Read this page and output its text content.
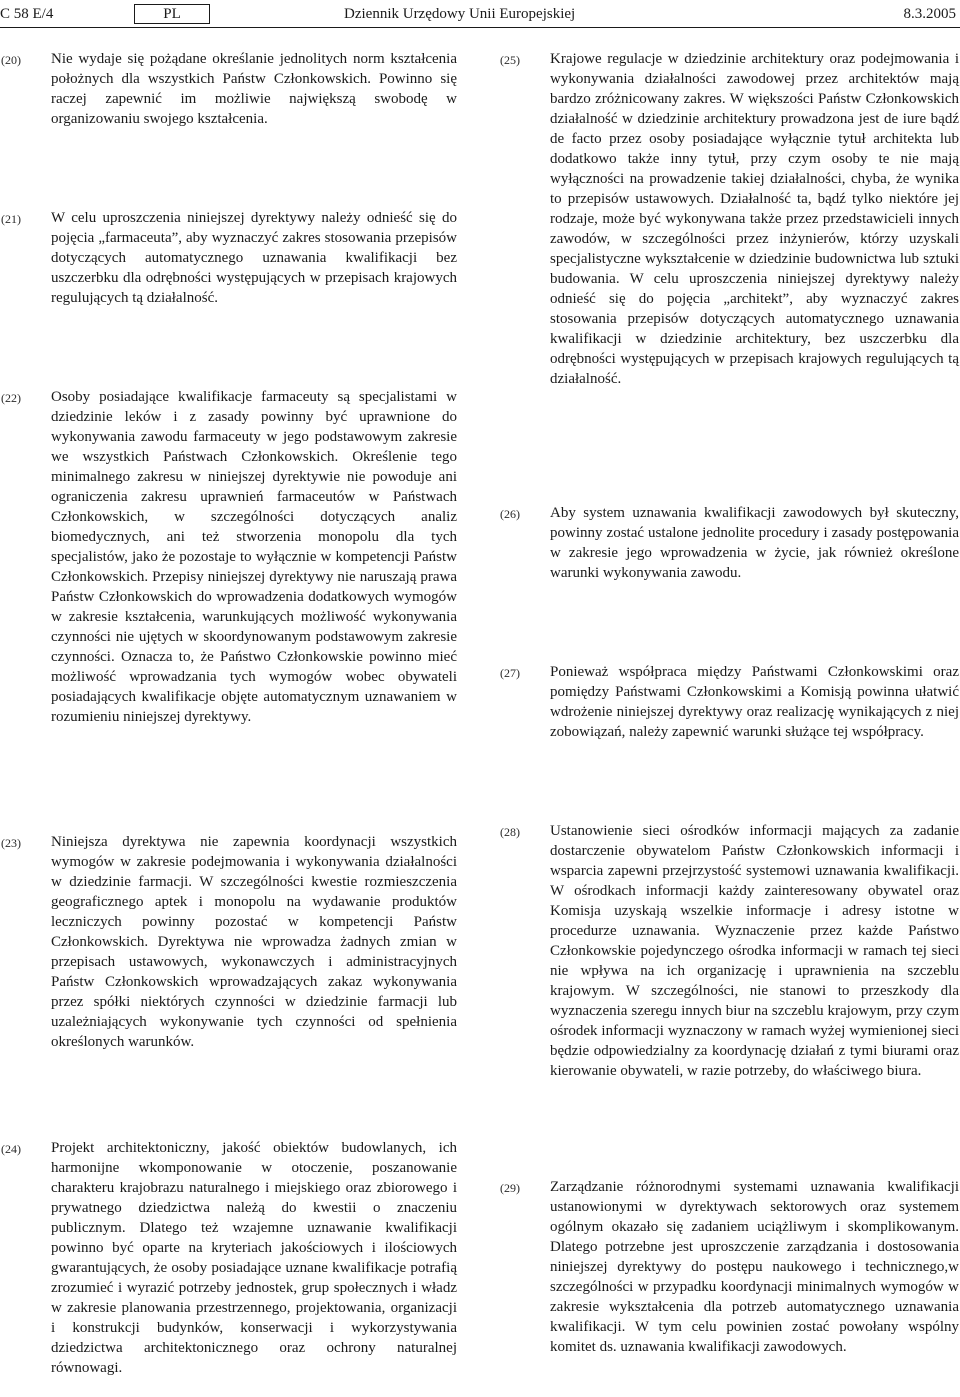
C 58 E/4	PL	Dziennik Urzędowy Unii Europejskiej	8.3.2005
(20) Nie wydaje się pożądane określanie jednolitych norm kształcenia położnych dla wszystkich Państw Członkowskich. Powinno się raczej zapewnić im możliwie największą swobodę w organizowaniu swojego kształcenia.
(21) W celu uproszczenia niniejszej dyrektywy należy odnieść się do pojęcia „farmaceuta”, aby wyznaczyć zakres stosowania przepisów dotyczących automatycznego uznawania kwalifikacji bez uszczerbku dla odrębności występujących w przepisach krajowych regulujących tą działalność.
(22) Osoby posiadające kwalifikacje farmaceuty są specjalistami w dziedzinie leków i z zasady powinny być uprawnione do wykonywania zawodu farmaceuty w jego podstawowym zakresie we wszystkich Państwach Członkowskich. Określenie tego minimalnego zakresu w niniejszej dyrektywie nie powoduje ani ograniczenia zakresu uprawnień farmaceutów w Państwach Członkowskich, w szczególności dotyczących analiz biomedycznych, ani też stworzenia monopolu dla tych specjalistów, jako że pozostaje to wyłącznie w kompetencji Państw Członkowskich. Przepisy niniejszej dyrektywy nie naruszają prawa Państw Członkowskich do wprowadzenia dodatkowych wymogów w zakresie kształcenia, warunkujących możliwość wykonywania czynności nie ujętych w skoordynowanym podstawowym zakresie czynności. Oznacza to, że Państwo Członkowskie powinno mieć możliwość wprowadzania tych wymogów wobec obywateli posiadających kwalifikacje objęte automatycznym uznawaniem w rozumieniu niniejszej dyrektywy.
(23) Niniejsza dyrektywa nie zapewnia koordynacji wszystkich wymogów w zakresie podejmowania i wykonywania działalności w dziedzinie farmacji. W szczególności kwestie rozmieszczenia geograficznego aptek i monopolu na wydawanie produktów leczniczych powinny pozostać w kompetencji Państw Członkowskich. Dyrektywa nie wprowadza żadnych zmian w przepisach ustawowych, wykonawczych i administracyjnych Państw Członkowskich wprowadzających zakaz wykonywania przez spółki niektórych czynności w dziedzinie farmacji lub uzależniających wykonywanie tych czynności od spełnienia określonych warunków.
(24) Projekt architektoniczny, jakość obiektów budowlanych, ich harmonijne wkomponowanie w otoczenie, poszanowanie charakteru krajobrazu naturalnego i miejskiego oraz zbiorowego i prywatnego dziedzictwa należą do kwestii o znaczeniu publicznym. Dlatego też wzajemne uznawanie kwalifikacji powinno być oparte na kryteriach jakościowych i ilościowych gwarantujących, że osoby posiadające uznane kwalifikacje potrafią zrozumieć i wyrazić potrzeby jednostek, grup społecznych i władz w zakresie planowania przestrzennego, projektowania, organizacji i konstrukcji budynków, konserwacji i wykorzystywania dziedzictwa architektonicznego oraz ochrony naturalnej równowagi.
(25) Krajowe regulacje w dziedzinie architektury oraz podejmowania i wykonywania działalności zawodowej przez architektów mają bardzo zróżnicowany zakres. W większości Państw Członkowskich działalność w dziedzinie architektury prowadzona jest de iure bądź de facto przez osoby posiadające wyłącznie tytuł architekta lub dodatkowo także inny tytuł, przy czym osoby te nie mają wyłączności na prowadzenie takiej działalności, chyba, że wynika to przepisów ustawowych. Działalność ta, bądź tylko niektóre jej rodzaje, może być wykonywana także przez przedstawicieli innych zawodów, w szczególności przez inżynierów, którzy uzyskali specjalistyczne wykształcenie w dziedzinie budownictwa lub sztuki budowania. W celu uproszczenia niniejszej dyrektywy należy odnieść się do pojęcia „architekt”, aby wyznaczyć zakres stosowania przepisów dotyczących automatycznego uznawania kwalifikacji w dziedzinie architektury, bez uszczerbku dla odrębności występujących w przepisach krajowych regulujących tą działalność.
(26) Aby system uznawania kwalifikacji zawodowych był skuteczny, powinny zostać ustalone jednolite procedury i zasady postępowania w zakresie jego wprowadzenia w życie, jak również określone warunki wykonywania zawodu.
(27) Ponieważ współpraca między Państwami Członkowskimi oraz pomiędzy Państwami Członkowskimi a Komisją powinna ułatwić wdrożenie niniejszej dyrektywy oraz realizację wynikających z niej zobowiązań, należy zapewnić warunki służące tej współpracy.
(28) Ustanowienie sieci ośrodków informacji mających za zadanie dostarczenie obywatelom Państw Członkowskich informacji i wsparcia zapewni przejrzystość systemowi uznawania kwalifikacji. W ośrodkach informacji każdy zainteresowany obywatel oraz Komisja uzyskają wszelkie informacje i adresy istotne w procedurze uznawania. Wyznaczenie przez każde Państwo Członkowskie pojedynczego ośrodka informacji w ramach tej sieci nie wpływa na ich organizację i uprawnienia na szczeblu krajowym. W szczególności, nie stanowi to przeszkody dla wyznaczenia szeregu innych biur na szczeblu krajowym, przy czym ośrodek informacji wyznaczony w ramach wyżej wymienionej sieci będzie odpowiedzialny za koordynację działań z tymi biurami oraz kierowanie obywateli, w razie potrzeby, do właściwego biura.
(29) Zarządzanie różnorodnymi systemami uznawania kwalifikacji ustanowionymi w dyrektywach sektorowych oraz systemem ogólnym okazało się zadaniem uciążliwym i skomplikowanym. Dlatego potrzebne jest uproszczenie zarządzania i dostosowania niniejszej dyrektywy do postępu naukowego i technicznego,w szczególności w przypadku koordynacji minimalnych wymogów w zakresie wykształcenia dla potrzeb automatycznego uznawania kwalifikacji. W tym celu powinien zostać powołany wspólny komitet ds. uznawania kwalifikacji zawodowych.
